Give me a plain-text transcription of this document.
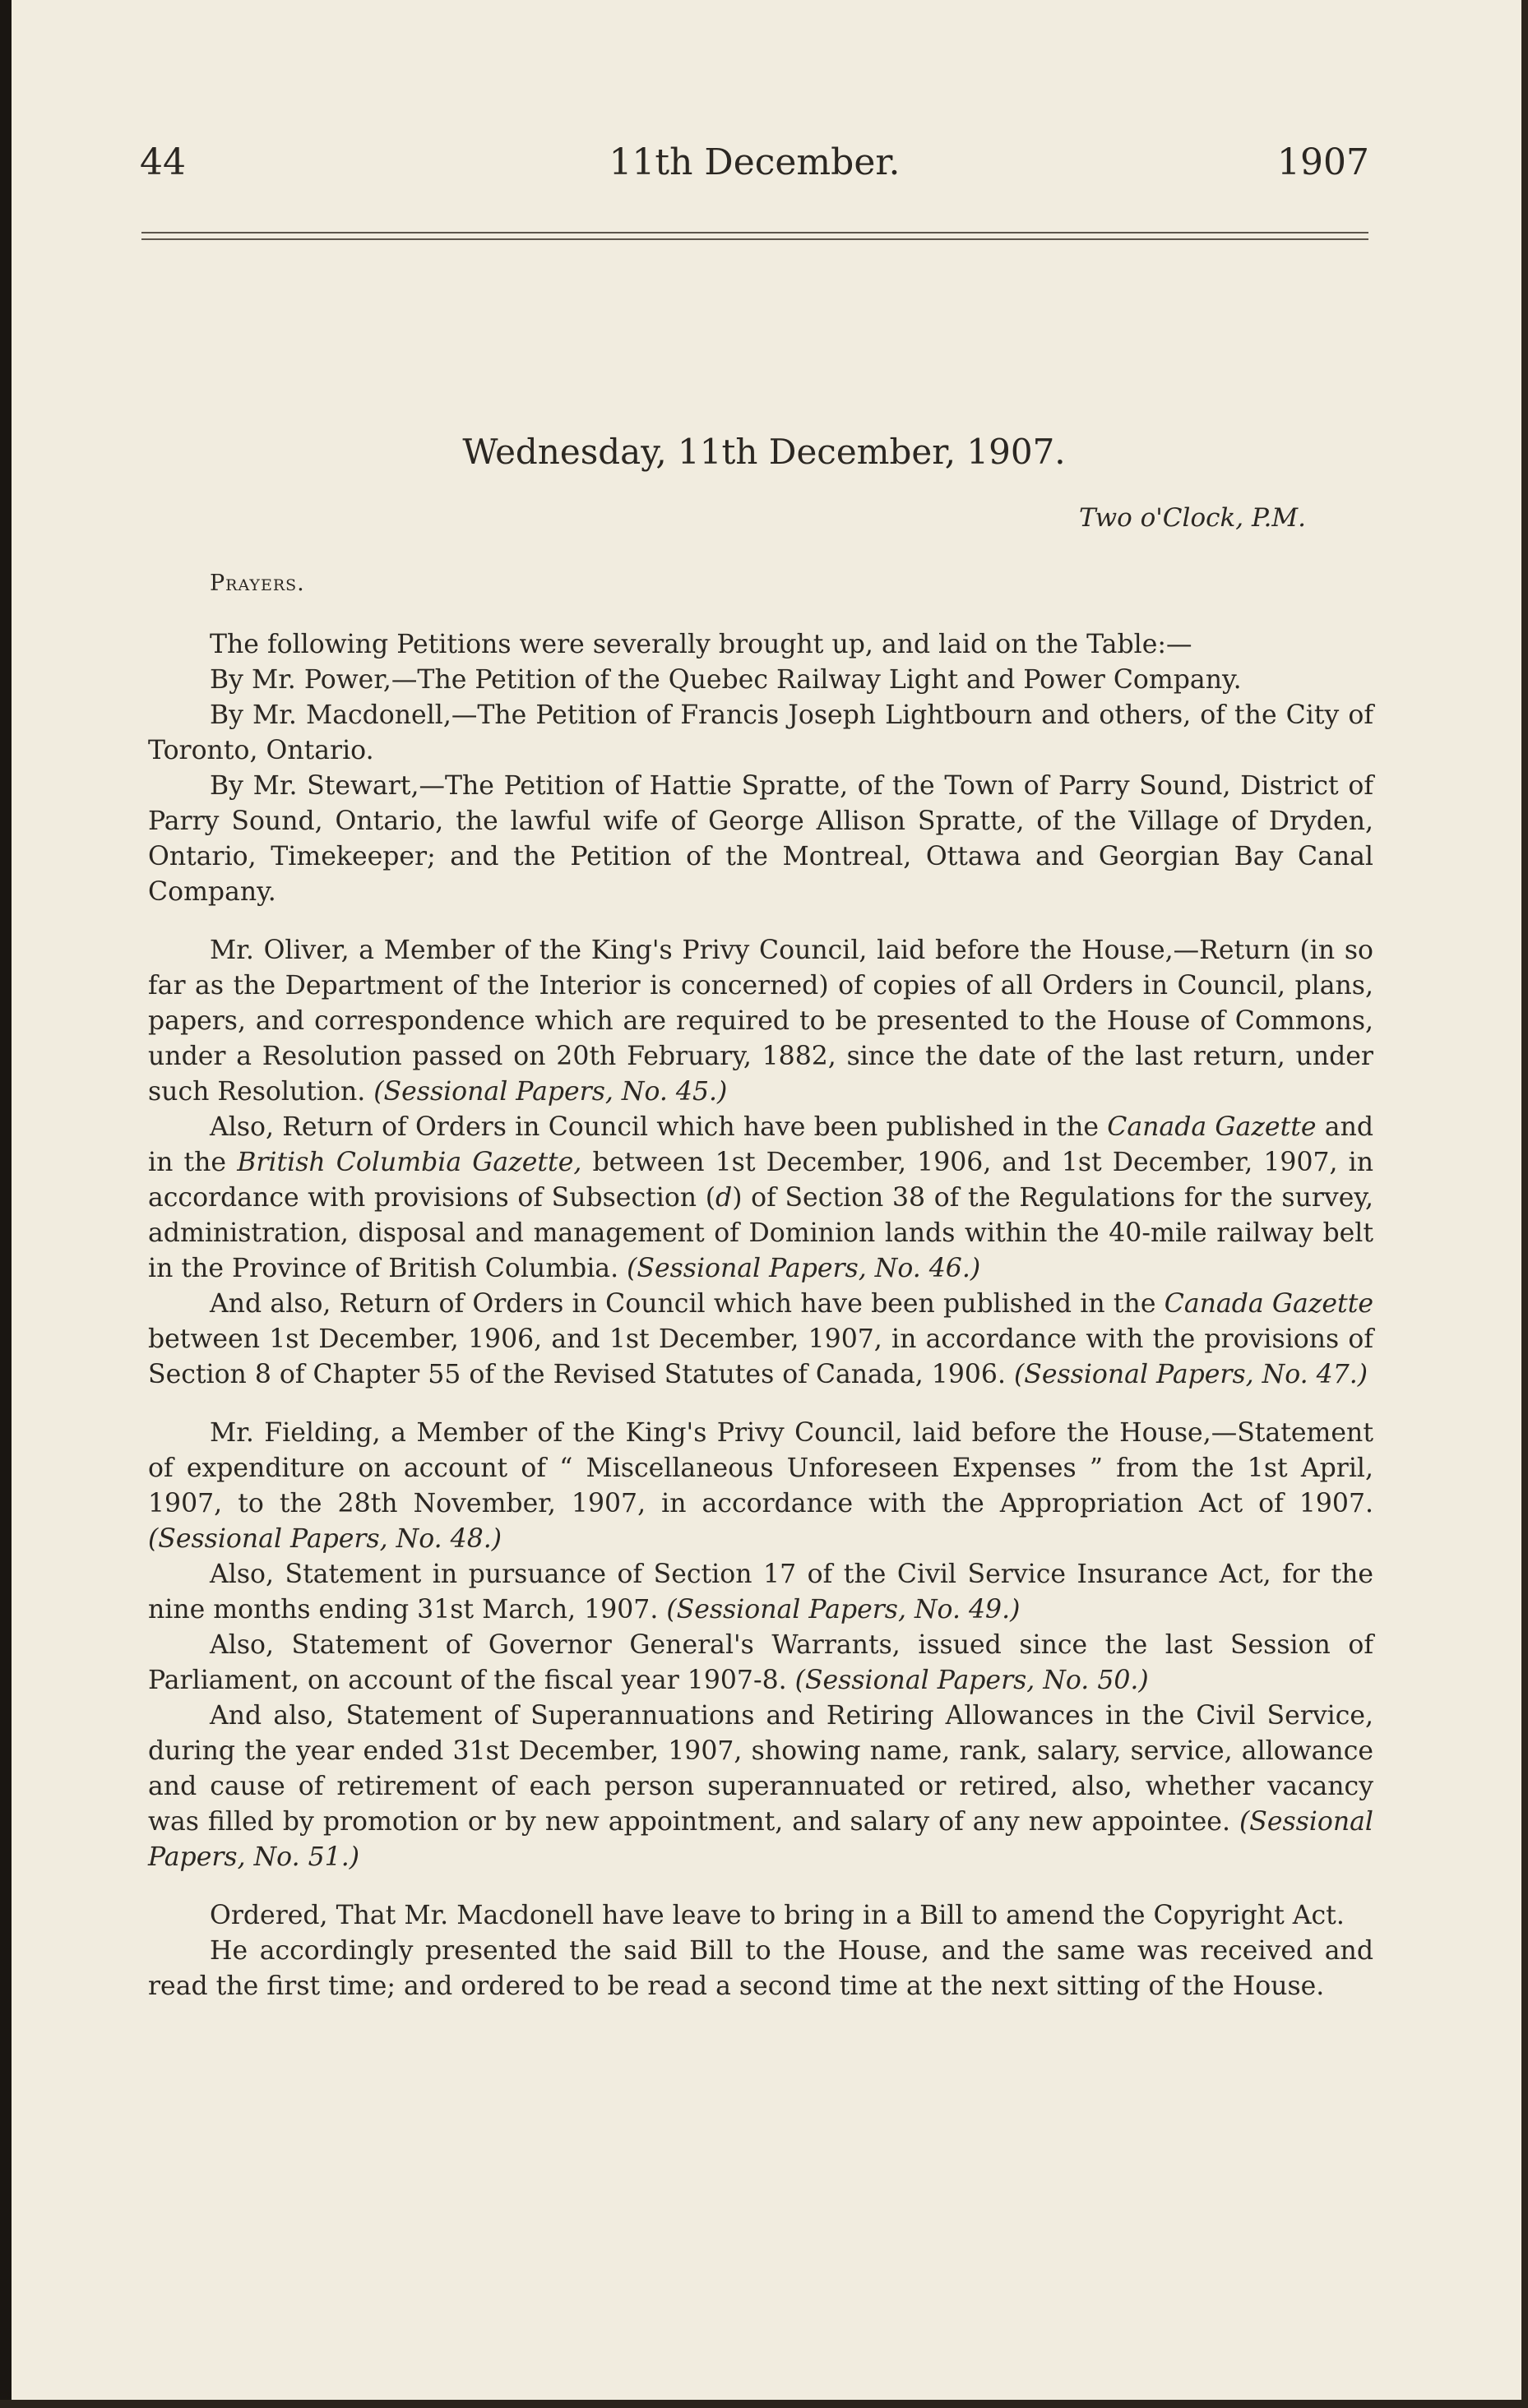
44	11th December.	1907
Wednesday, 11th December, 1907.
Two o'Clock, P.M.

Prayers.

The following Petitions were severally brought up, and laid on the Table:—

By Mr. Power,—The Petition of the Quebec Railway Light and Power Company.

By Mr. Macdonell,—The Petition of Francis Joseph Lightbourn and others, of the City of Toronto, Ontario.

By Mr. Stewart,—The Petition of Hattie Spratte, of the Town of Parry Sound, District of Parry Sound, Ontario, the lawful wife of George Allison Spratte, of the Village of Dryden, Ontario, Timekeeper; and the Petition of the Montreal, Ottawa and Georgian Bay Canal Company.

Mr. Oliver, a Member of the King's Privy Council, laid before the House,—Return (in so far as the Department of the Interior is concerned) of copies of all Orders in Council, plans, papers, and correspondence which are required to be presented to the House of Commons, under a Resolution passed on 20th February, 1882, since the date of the last return, under such Resolution. (Sessional Papers, No. 45.)

Also, Return of Orders in Council which have been published in the Canada Gazette and in the British Columbia Gazette, between 1st December, 1906, and 1st December, 1907, in accordance with provisions of Subsection (d) of Section 38 of the Regulations for the survey, administration, disposal and management of Dominion lands within the 40-mile railway belt in the Province of British Columbia. (Sessional Papers, No. 46.)

And also, Return of Orders in Council which have been published in the Canada Gazette between 1st December, 1906, and 1st December, 1907, in accordance with the provisions of Section 8 of Chapter 55 of the Revised Statutes of Canada, 1906. (Sessional Papers, No. 47.)

Mr. Fielding, a Member of the King's Privy Council, laid before the House,—Statement of expenditure on account of “ Miscellaneous Unforeseen Expenses ” from the 1st April, 1907, to the 28th November, 1907, in accordance with the Appropriation Act of 1907. (Sessional Papers, No. 48.)

Also, Statement in pursuance of Section 17 of the Civil Service Insurance Act, for the nine months ending 31st March, 1907. (Sessional Papers, No. 49.)

Also, Statement of Governor General's Warrants, issued since the last Session of Parliament, on account of the fiscal year 1907-8. (Sessional Papers, No. 50.)

And also, Statement of Superannuations and Retiring Allowances in the Civil Service, during the year ended 31st December, 1907, showing name, rank, salary, service, allowance and cause of retirement of each person superannuated or retired, also, whether vacancy was filled by promotion or by new appointment, and salary of any new appointee. (Sessional Papers, No. 51.)

Ordered, That Mr. Macdonell have leave to bring in a Bill to amend the Copyright Act.

He accordingly presented the said Bill to the House, and the same was received and read the first time; and ordered to be read a second time at the next sitting of the House.
